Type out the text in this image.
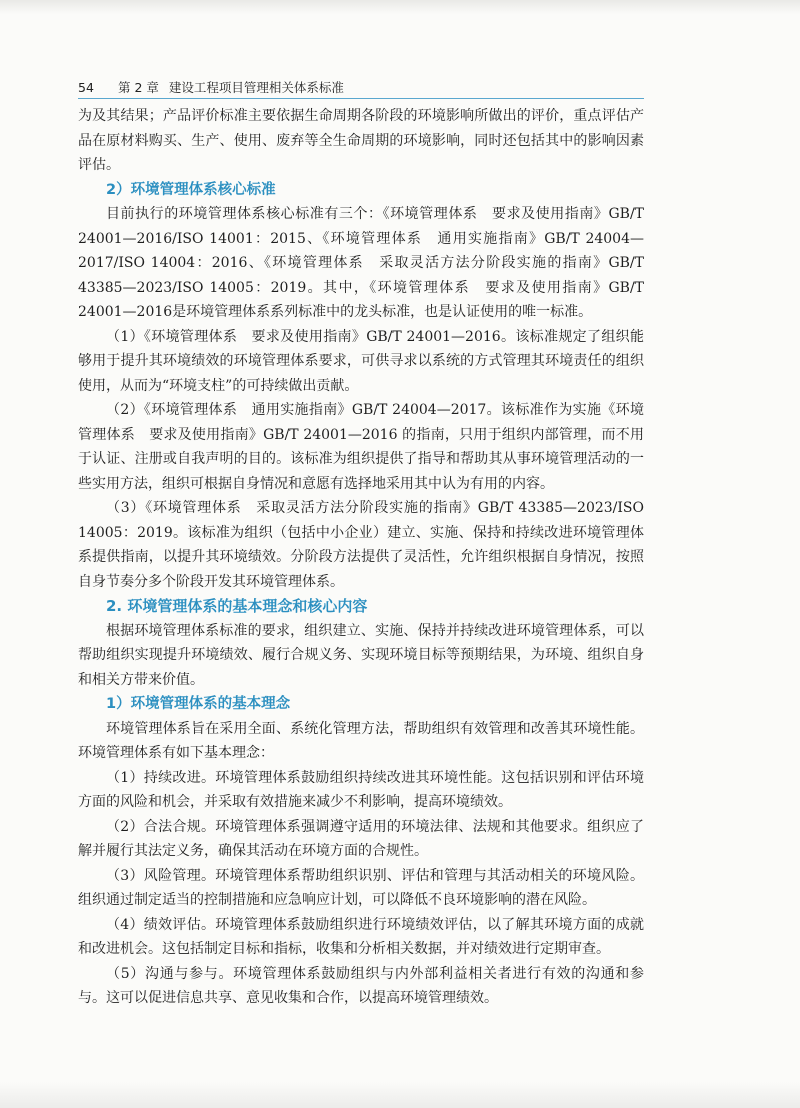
54	第 2 章 建设工程项目管理相关体系标准

为及其结果；产品评价标准主要依据生命周期各阶段的环境影响所做出的评价，重点评估产品在原材料购买、生产、使用、废弃等全生命周期的环境影响，同时还包括其中的影响因素评估。

2）环境管理体系核心标准

目前执行的环境管理体系核心标准有三个：《环境管理体系　要求及使用指南》GB/T 24001—2016/ISO 14001：2015、《环境管理体系　通用实施指南》GB/T 24004—2017/ISO 14004：2016、《环境管理体系　采取灵活方法分阶段实施的指南》GB/T 43385—2023/ISO 14005：2019。其中，《环境管理体系　要求及使用指南》GB/T 24001—2016是环境管理体系系列标准中的龙头标准，也是认证使用的唯一标准。

（1）《环境管理体系　要求及使用指南》GB/T 24001—2016。该标准规定了组织能够用于提升其环境绩效的环境管理体系要求，可供寻求以系统的方式管理其环境责任的组织使用，从而为“环境支柱”的可持续做出贡献。

（2）《环境管理体系　通用实施指南》GB/T 24004—2017。该标准作为实施《环境管理体系　要求及使用指南》GB/T 24001—2016 的指南，只用于组织内部管理，而不用于认证、注册或自我声明的目的。该标准为组织提供了指导和帮助其从事环境管理活动的一些实用方法，组织可根据自身情况和意愿有选择地采用其中认为有用的内容。

（3）《环境管理体系　采取灵活方法分阶段实施的指南》GB/T 43385—2023/ISO 14005：2019。该标准为组织（包括中小企业）建立、实施、保持和持续改进环境管理体系提供指南，以提升其环境绩效。分阶段方法提供了灵活性，允许组织根据自身情况，按照自身节奏分多个阶段开发其环境管理体系。

2. 环境管理体系的基本理念和核心内容

根据环境管理体系标准的要求，组织建立、实施、保持并持续改进环境管理体系，可以帮助组织实现提升环境绩效、履行合规义务、实现环境目标等预期结果，为环境、组织自身和相关方带来价值。

1）环境管理体系的基本理念

环境管理体系旨在采用全面、系统化管理方法，帮助组织有效管理和改善其环境性能。环境管理体系有如下基本理念：

（1）持续改进。环境管理体系鼓励组织持续改进其环境性能。这包括识别和评估环境方面的风险和机会，并采取有效措施来减少不利影响，提高环境绩效。

（2）合法合规。环境管理体系强调遵守适用的环境法律、法规和其他要求。组织应了解并履行其法定义务，确保其活动在环境方面的合规性。

（3）风险管理。环境管理体系帮助组织识别、评估和管理与其活动相关的环境风险。组织通过制定适当的控制措施和应急响应计划，可以降低不良环境影响的潜在风险。

（4）绩效评估。环境管理体系鼓励组织进行环境绩效评估，以了解其环境方面的成就和改进机会。这包括制定目标和指标，收集和分析相关数据，并对绩效进行定期审查。

（5）沟通与参与。环境管理体系鼓励组织与内外部利益相关者进行有效的沟通和参与。这可以促进信息共享、意见收集和合作，以提高环境管理绩效。
